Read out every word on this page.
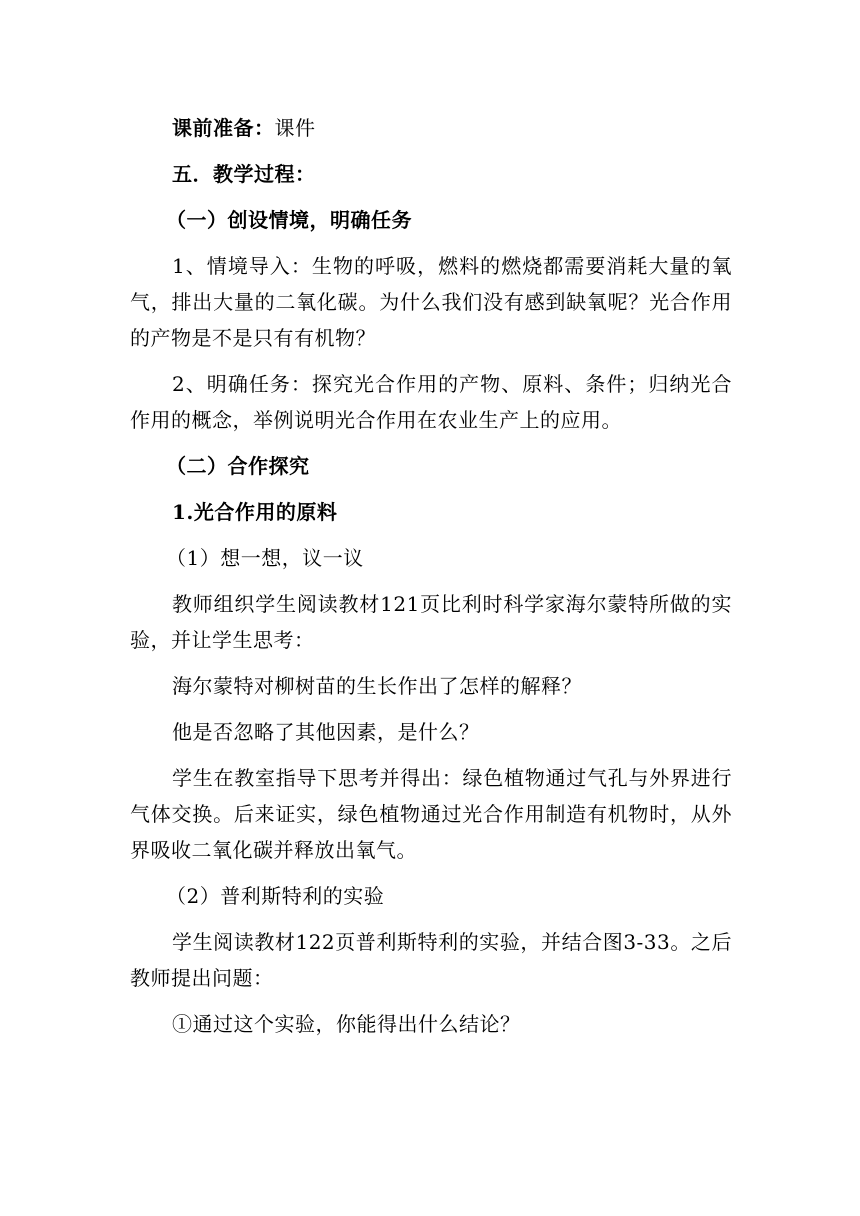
课前准备：课件

五．教学过程：

（一）创设情境，明确任务

1、情境导入：生物的呼吸，燃料的燃烧都需要消耗大量的氧气，排出大量的二氧化碳。为什么我们没有感到缺氧呢？光合作用的产物是不是只有有机物？

2、明确任务：探究光合作用的产物、原料、条件；归纳光合作用的概念，举例说明光合作用在农业生产上的应用。

（二）合作探究

1.光合作用的原料

（1）想一想，议一议

教师组织学生阅读教材121页比利时科学家海尔蒙特所做的实验，并让学生思考：

海尔蒙特对柳树苗的生长作出了怎样的解释？

他是否忽略了其他因素，是什么？

学生在教室指导下思考并得出：绿色植物通过气孔与外界进行气体交换。后来证实，绿色植物通过光合作用制造有机物时，从外界吸收二氧化碳并释放出氧气。

（2）普利斯特利的实验

学生阅读教材122页普利斯特利的实验，并结合图3-33。之后教师提出问题：

①通过这个实验，你能得出什么结论？
